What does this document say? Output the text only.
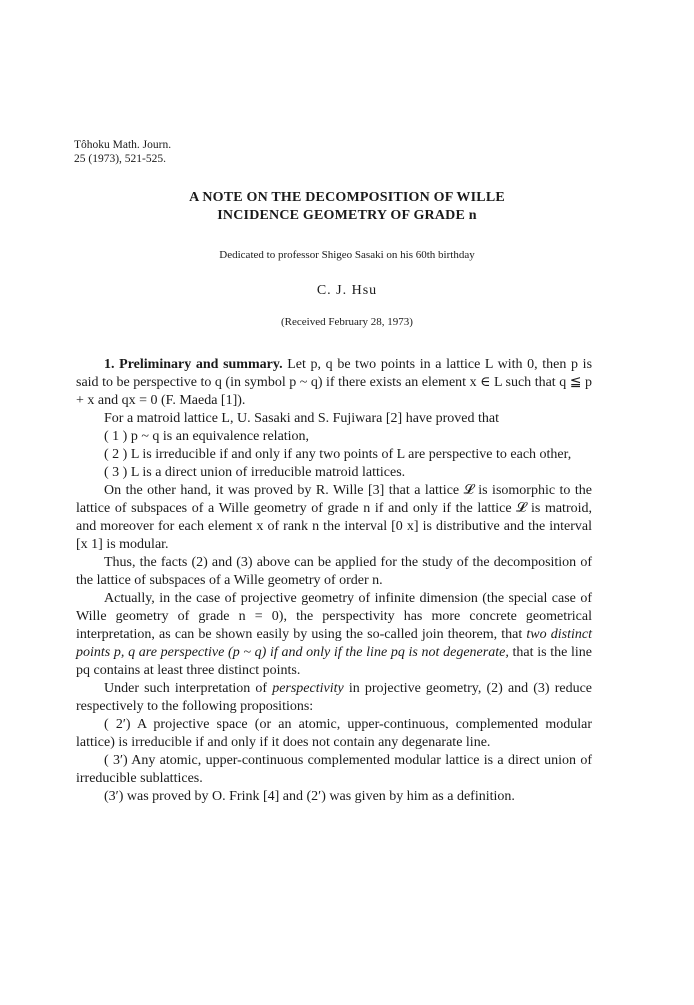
Tôhoku Math. Journ.
25 (1973), 521-525.
A NOTE ON THE DECOMPOSITION OF WILLE
INCIDENCE GEOMETRY OF GRADE n
Dedicated to professor Shigeo Sasaki on his 60th birthday
C. J. Hsu
(Received February 28, 1973)

1. Preliminary and summary. Let p, q be two points in a lattice L with 0, then p is said to be perspective to q (in symbol p ~ q) if there exists an element x ∈ L such that q ≦ p + x and qx = 0 (F. Maeda [1]).

For a matroid lattice L, U. Sasaki and S. Fujiwara [2] have proved that

( 1 ) p ~ q is an equivalence relation,

( 2 ) L is irreducible if and only if any two points of L are perspective to each other,

( 3 ) L is a direct union of irreducible matroid lattices.

On the other hand, it was proved by R. Wille [3] that a lattice 𝓛 is isomorphic to the lattice of subspaces of a Wille geometry of grade n if and only if the lattice 𝓛 is matroid, and moreover for each element x of rank n the interval [0 x] is distributive and the interval [x 1] is modular.

Thus, the facts (2) and (3) above can be applied for the study of the decomposition of the lattice of subspaces of a Wille geometry of order n.

Actually, in the case of projective geometry of infinite dimension (the special case of Wille geometry of grade n = 0), the perspectivity has more concrete geometrical interpretation, as can be shown easily by using the so-called join theorem, that two distinct points p, q are perspective (p ~ q) if and only if the line pq is not degenerate, that is the line pq contains at least three distinct points.

Under such interpretation of perspectivity in projective geometry, (2) and (3) reduce respectively to the following propositions:

( 2′) A projective space (or an atomic, upper-continuous, complemented modular lattice) is irreducible if and only if it does not contain any degenarate line.

( 3′) Any atomic, upper-continuous complemented modular lattice is a direct union of irreducible sublattices.

(3′) was proved by O. Frink [4] and (2′) was given by him as a definition.
